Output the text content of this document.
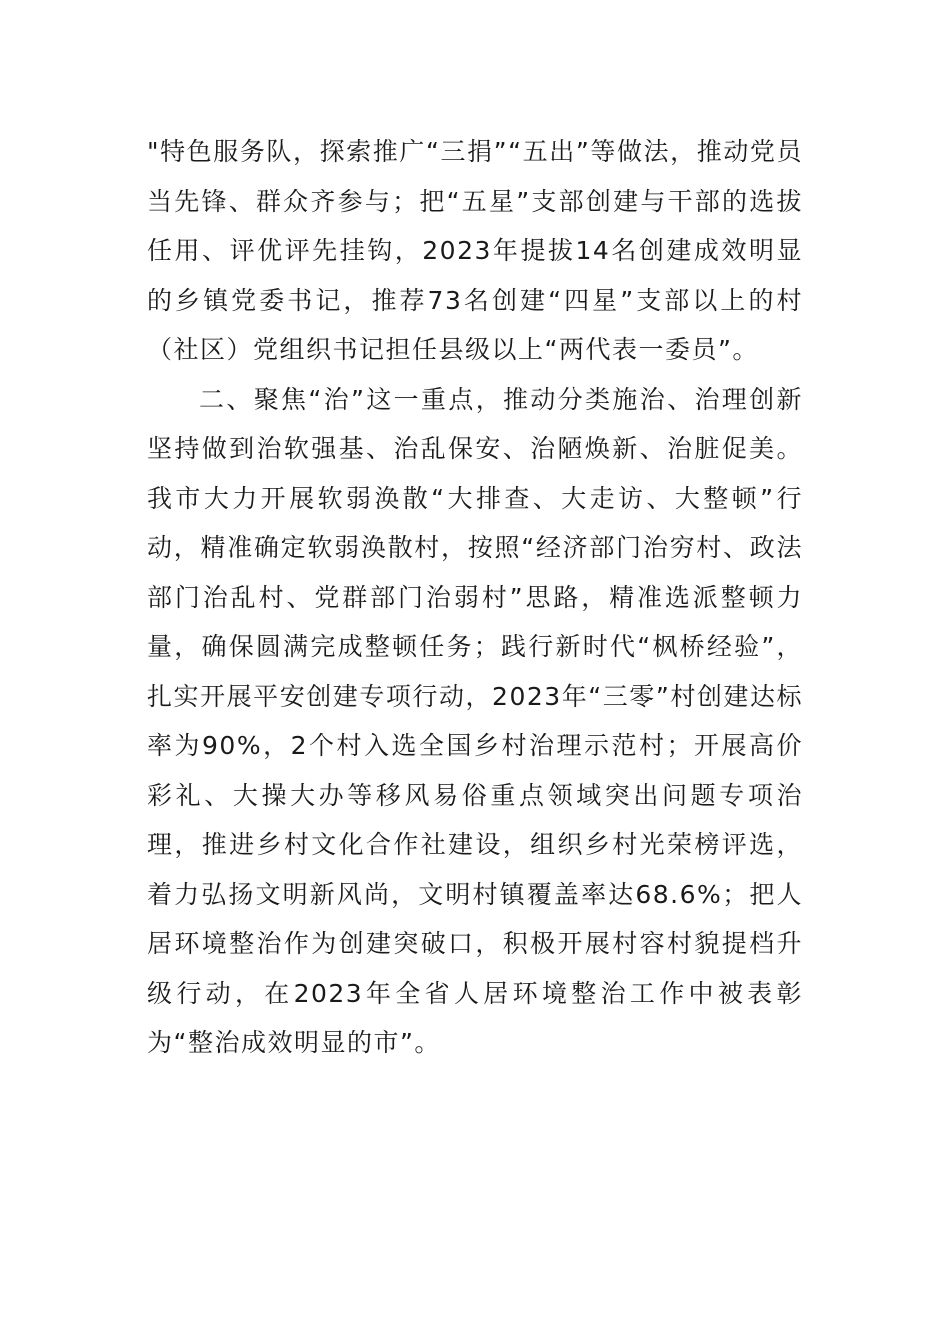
"特色服务队，探索推广“三捐”“五出”等做法，推动党员当先锋、群众齐参与；把“五星”支部创建与干部的选拔任用、评优评先挂钩，2023年提拔14名创建成效明显的乡镇党委书记，推荐73名创建“四星”支部以上的村（社区）党组织书记担任县级以上“两代表一委员”。

二、聚焦“治”这一重点，推动分类施治、治理创新坚持做到治软强基、治乱保安、治陋焕新、治脏促美。我市大力开展软弱涣散“大排查、大走访、大整顿”行动，精准确定软弱涣散村，按照“经济部门治穷村、政法部门治乱村、党群部门治弱村”思路，精准选派整顿力量，确保圆满完成整顿任务；践行新时代“枫桥经验”，扎实开展平安创建专项行动，2023年“三零”村创建达标率为90%，2个村入选全国乡村治理示范村；开展高价彩礼、大操大办等移风易俗重点领域突出问题专项治理，推进乡村文化合作社建设，组织乡村光荣榜评选，着力弘扬文明新风尚，文明村镇覆盖率达68.6%；把人居环境整治作为创建突破口，积极开展村容村貌提档升级行动，在2023年全省人居环境整治工作中被表彰为“整治成效明显的市”。
